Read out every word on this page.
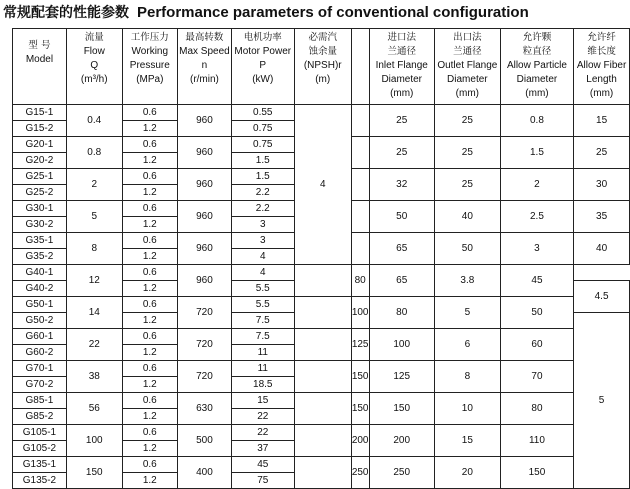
常规配套的性能参数 Performance parameters of conventional configuration
型 号
Model	流量
Flow
Q
(m³/h)	工作压力
Working
Pressure
(MPa)	最高转数
Max Speed
n
(r/min)	电机功率
Motor Power
P
(kW)	必需汽
蚀余量
(NPSH)r
(m)		进口法
兰通径
Inlet Flange
Diameter
(mm)	出口法
兰通径
Outlet Flange
Diameter
(mm)	允许颗
粒直径
Allow Particle
Diameter
(mm)	允许纤
维长度
Allow Fiber
Length
(mm)

G15-1	0.4	0.6	960	0.55	4		25	25	0.8	15
G15-2		1.2		0.75						
G20-1	0.8	0.6	960	0.75			25	25	1.5	25
G20-2		1.2		1.5						
G25-1	2	0.6	960	1.5			32	25	2	30
G25-2		1.2		2.2						
G30-1	5	0.6	960	2.2			50	40	2.5	35
G30-2		1.2		3						
G35-1	8	0.6	960	3			65	50	3	40
G35-2		1.2		4						
G40-1	12	0.6	960	4		80	65	3.8	45	
G40-2		1.2		5.5						4.5
G50-1	14	0.6	720	5.5		100	80	5	50	
G50-2		1.2		7.5						5
G60-1	22	0.6	720	7.5		125	100	6	60	
G60-2		1.2		11						
G70-1	38	0.6	720	11		150	125	8	70	
G70-2		1.2		18.5						
G85-1	56	0.6	630	15		150	150	10	80	
G85-2		1.2		22						
G105-1	100	0.6	500	22		200	200	15	110	
G105-2		1.2		37						
G135-1	150	0.6	400	45		250	250	20	150	
G135-2		1.2		75						
